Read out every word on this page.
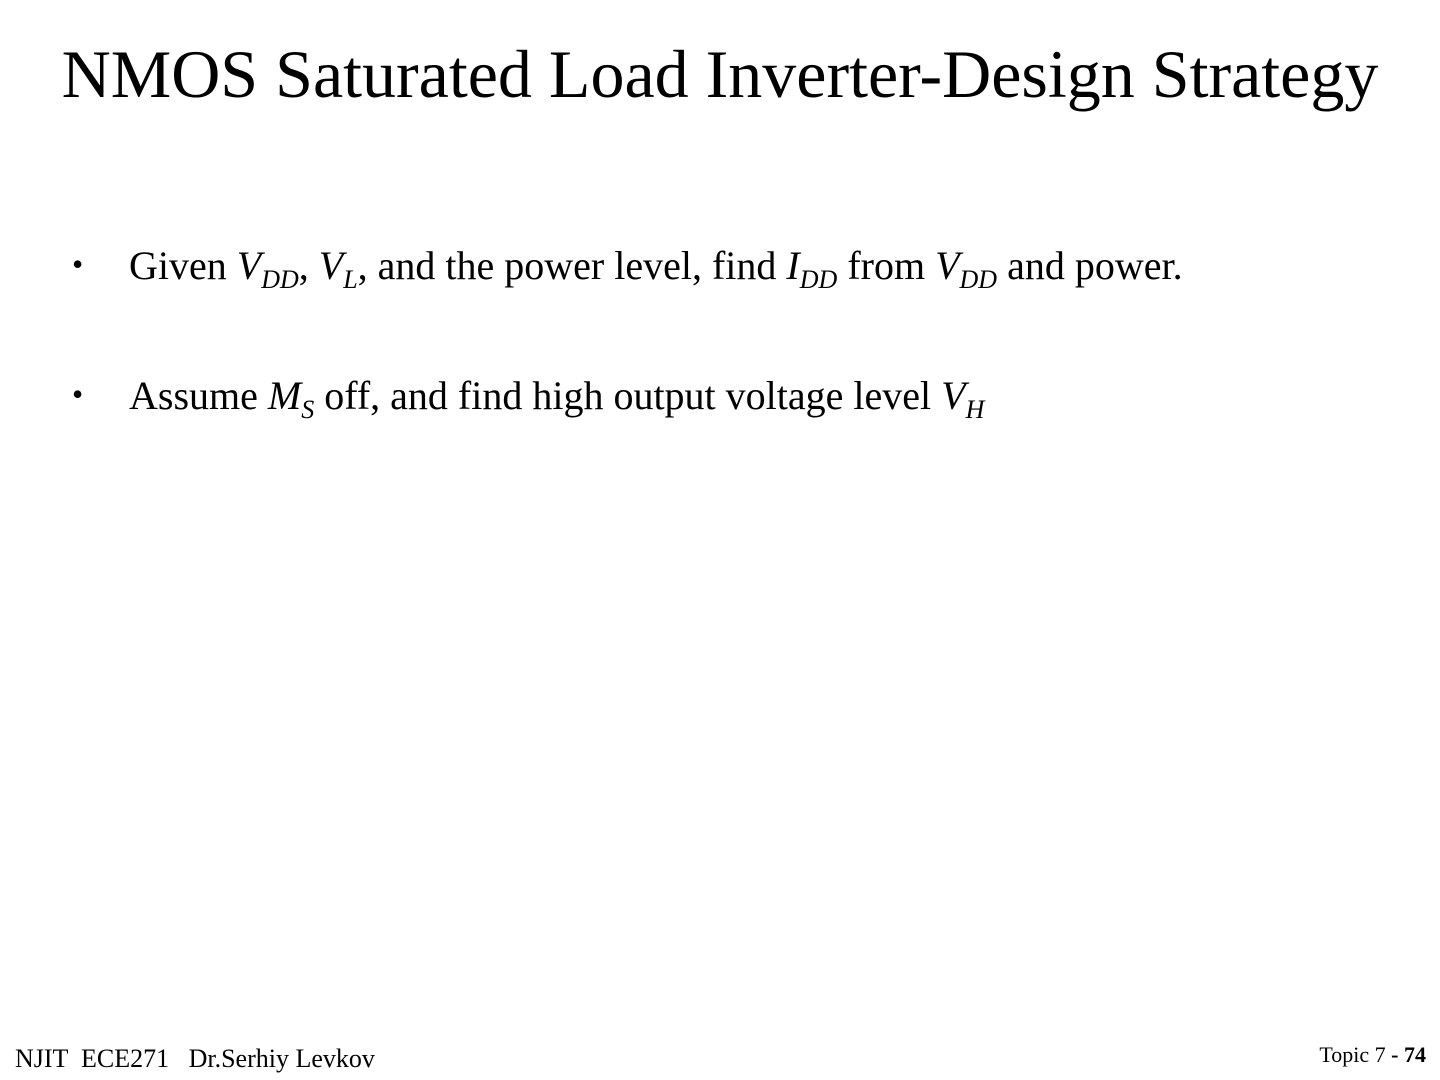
NMOS Saturated Load Inverter-Design Strategy
• Given $V_{DD}$, $V_L$, and the power level, find $I_{DD}$ from $V_{DD}$ and power.
• Assume $M_S$ off, and find high output voltage level $V_H$
NJIT  ECE271   Dr.Serhiy Levkov	Topic 7 - 74
